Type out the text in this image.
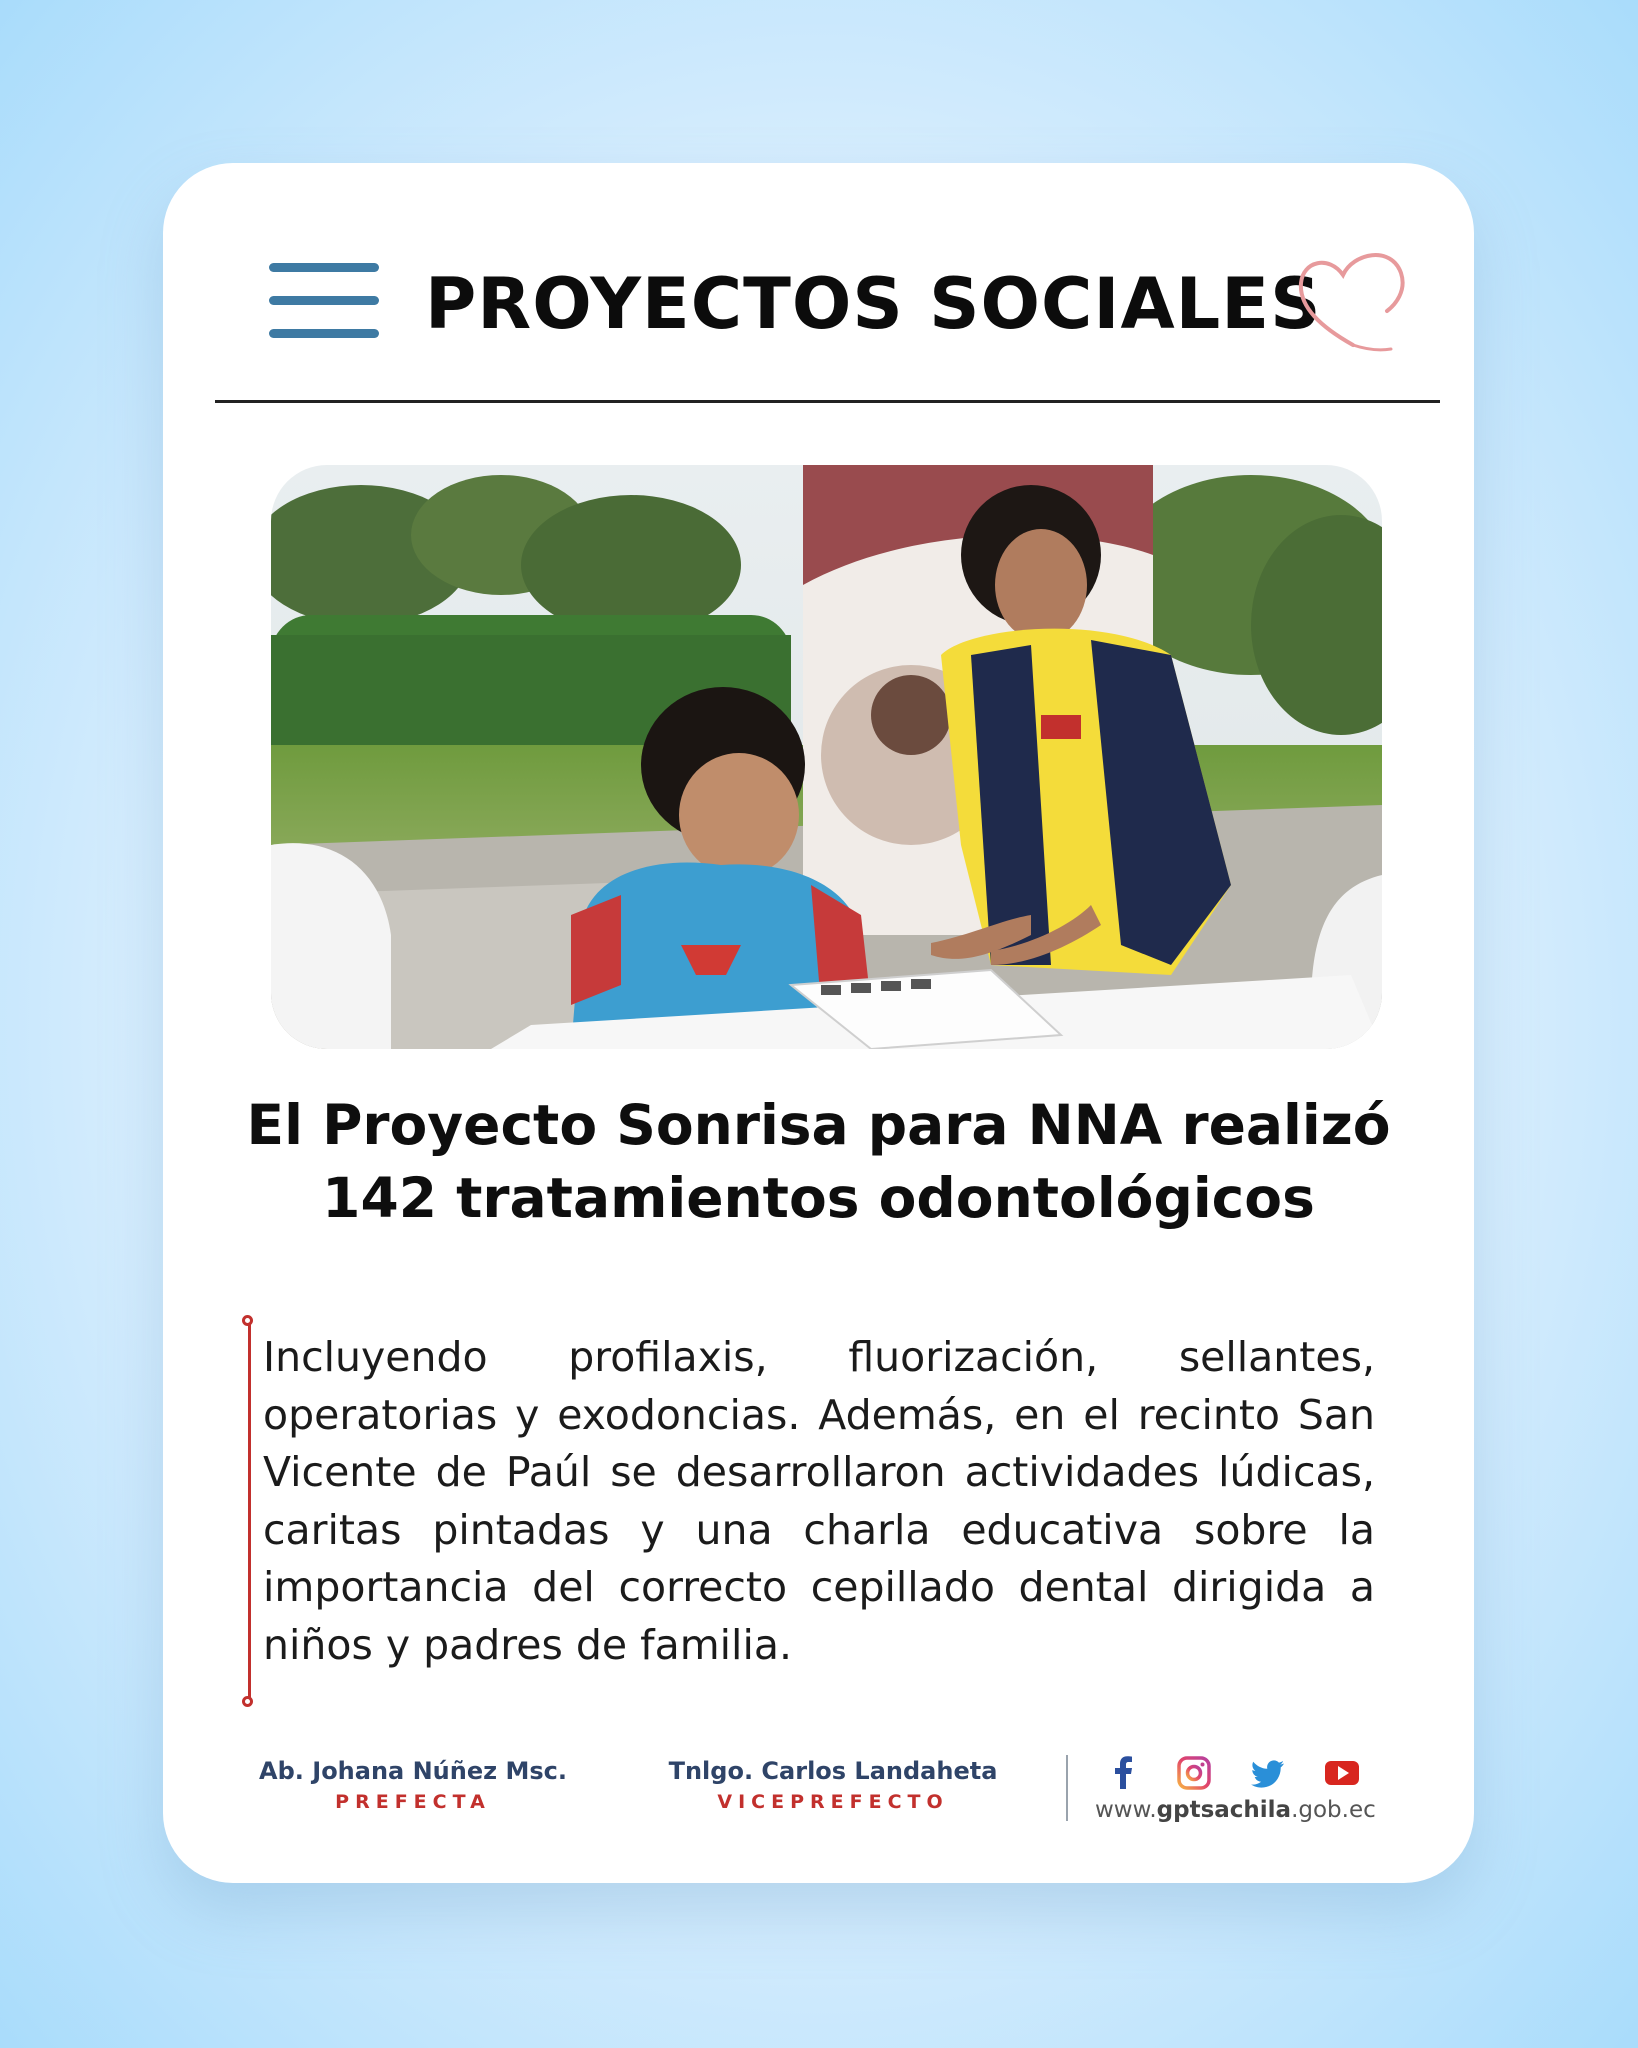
PROYECTOS SOCIALES
El Proyecto Sonrisa para NNA realizó 142 tratamientos odontológicos
Incluyendo profilaxis, fluorización, sellantes, operatorias y exodoncias. Además, en el recinto San Vicente de Paúl se desarrollaron actividades lúdicas, caritas pintadas y una charla educativa sobre la importancia del correcto cepillado dental dirigida a niños y padres de familia.
Ab. Johana Núñez Msc.
PREFECTA
Tnlgo. Carlos Landaheta
VICEPREFECTO	www.gptsachila.gob.ec
